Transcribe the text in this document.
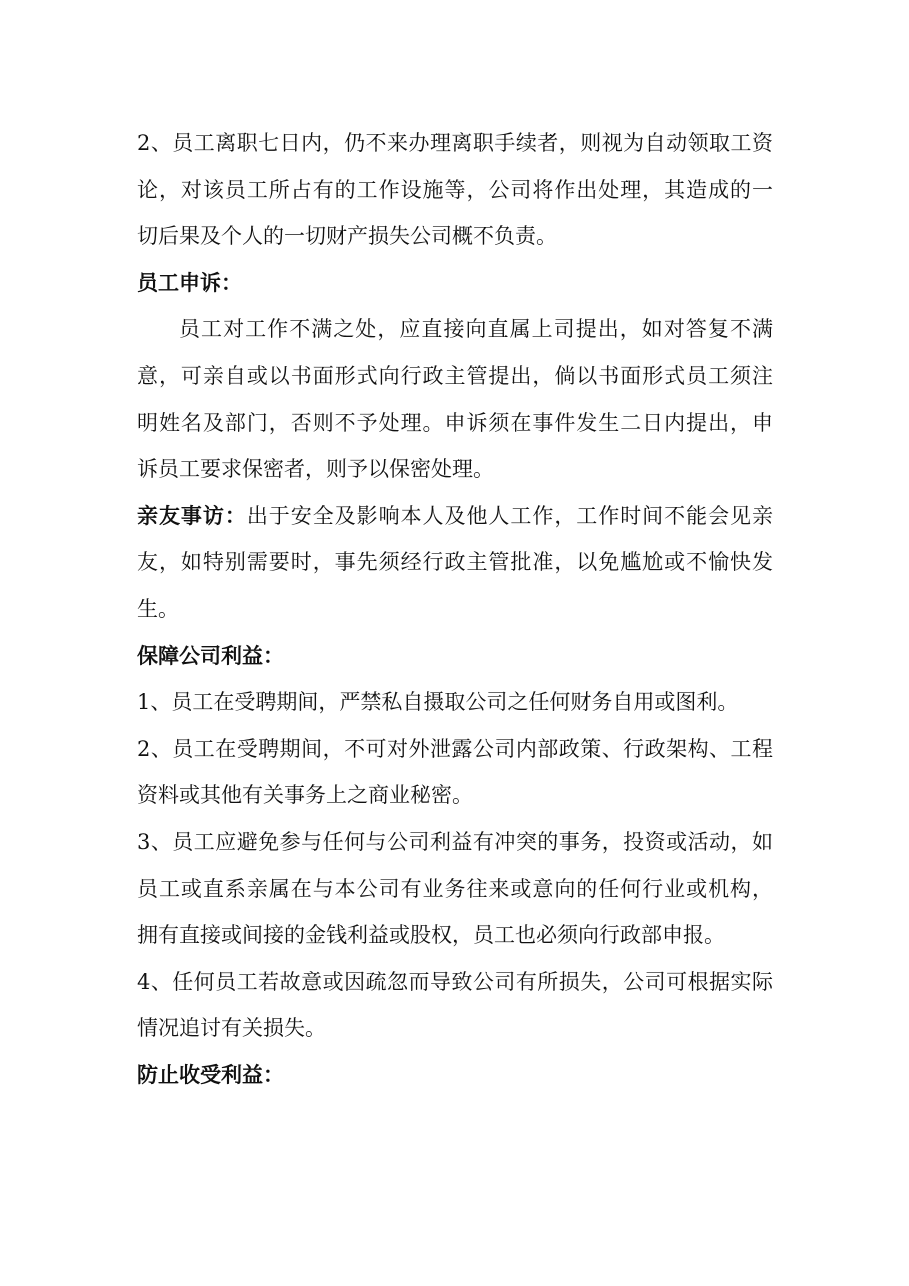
2、员工离职七日内，仍不来办理离职手续者，则视为自动领取工资
论，对该员工所占有的工作设施等，公司将作出处理，其造成的一
切后果及个人的一切财产损失公司概不负责。
员工申诉：
员工对工作不满之处，应直接向直属上司提出，如对答复不满
意，可亲自或以书面形式向行政主管提出，倘以书面形式员工须注
明姓名及部门，否则不予处理。申诉须在事件发生二日内提出，申
诉员工要求保密者，则予以保密处理。
亲友事访：出于安全及影响本人及他人工作，工作时间不能会见亲
友，如特别需要时，事先须经行政主管批准，以免尴尬或不愉快发
生。
保障公司利益：
1、员工在受聘期间，严禁私自摄取公司之任何财务自用或图利。
2、员工在受聘期间，不可对外泄露公司内部政策、行政架构、工程
资料或其他有关事务上之商业秘密。
3、员工应避免参与任何与公司利益有冲突的事务，投资或活动，如
员工或直系亲属在与本公司有业务往来或意向的任何行业或机构，
拥有直接或间接的金钱利益或股权，员工也必须向行政部申报。
4、任何员工若故意或因疏忽而导致公司有所损失，公司可根据实际
情况追讨有关损失。
防止收受利益：
